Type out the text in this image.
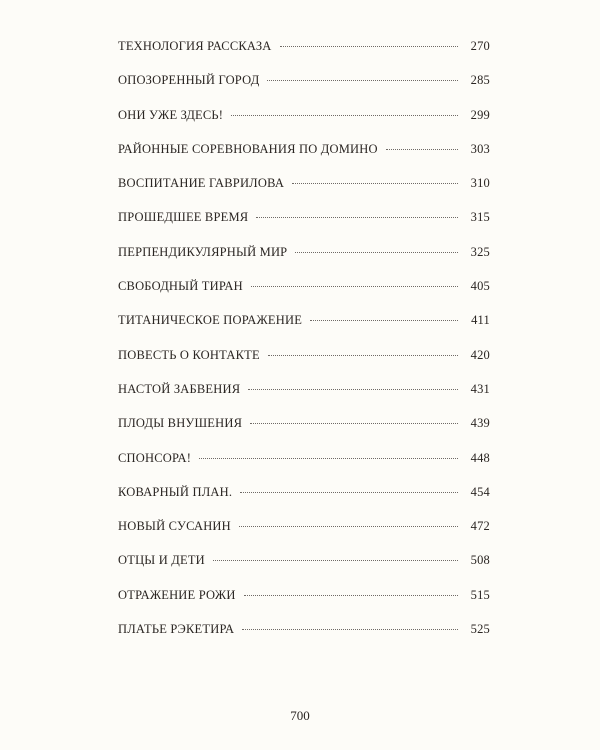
ТЕХНОЛОГИЯ РАССКАЗА	270
ОПОЗОРЕННЫЙ ГОРОД	285
ОНИ УЖЕ ЗДЕСЬ!	299
РАЙОННЫЕ СОРЕВНОВАНИЯ ПО ДОМИНО	303
ВОСПИТАНИЕ ГАВРИЛОВА	310
ПРОШЕДШЕЕ ВРЕМЯ	315
ПЕРПЕНДИКУЛЯРНЫЙ МИР	325
СВОБОДНЫЙ ТИРАН	405
ТИТАНИЧЕСКОЕ ПОРАЖЕНИЕ	411
ПОВЕСТЬ О КОНТАКТЕ	420
НАСТОЙ ЗАБВЕНИЯ	431
ПЛОДЫ ВНУШЕНИЯ	439
СПОНСОРА!	448
КОВАРНЫЙ ПЛАН.	454
НОВЫЙ СУСАНИН	472
ОТЦЫ И ДЕТИ	508
ОТРАЖЕНИЕ РОЖИ	515
ПЛАТЬЕ РЭКЕТИРА	525
700
